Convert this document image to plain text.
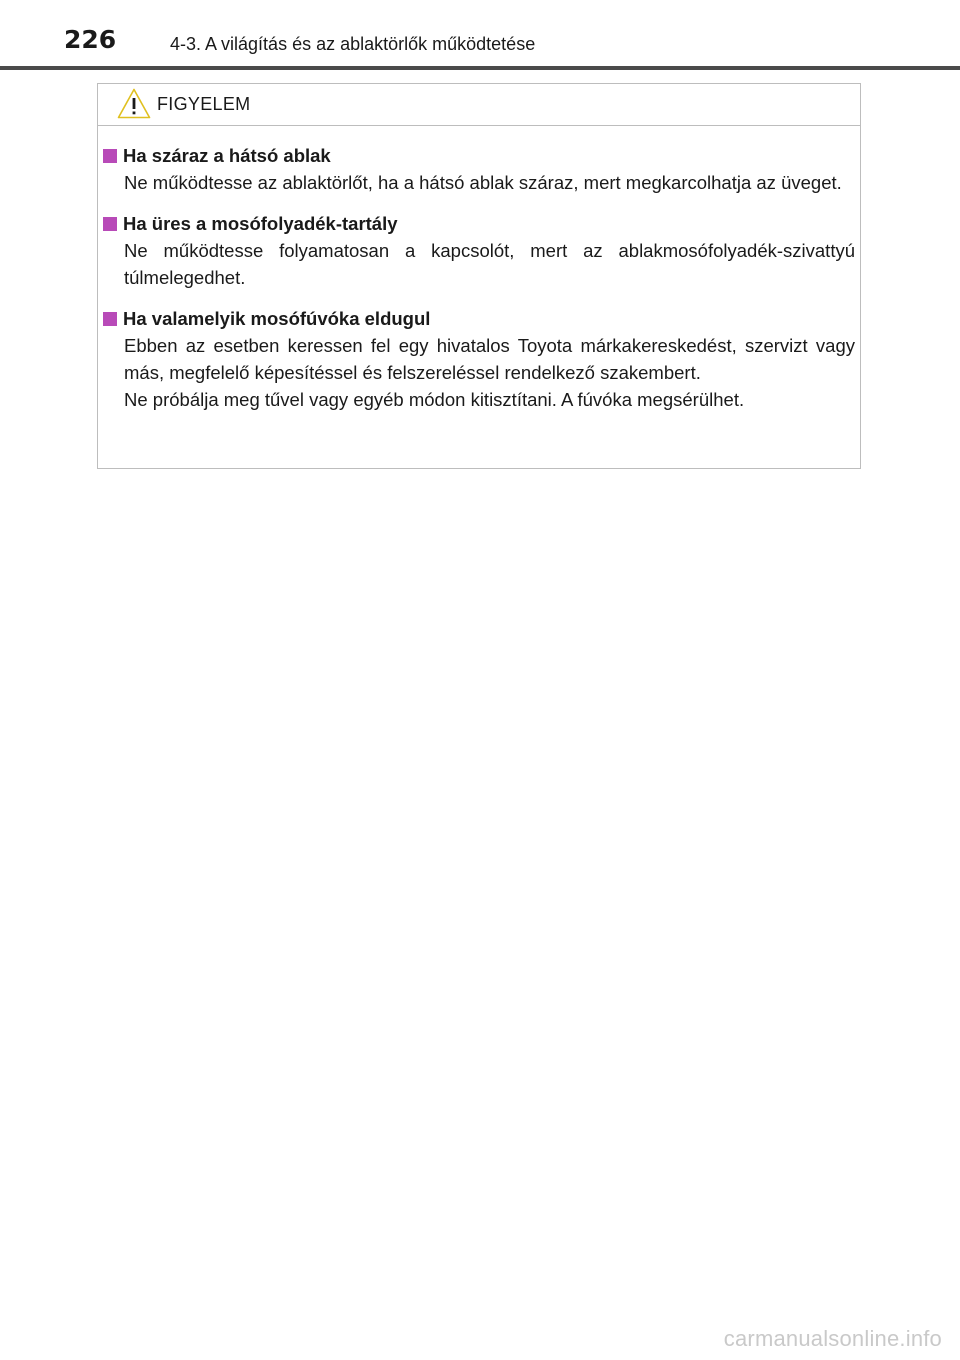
226	4-3. A világítás és az ablaktörlők működtetése
FIGYELEM
Ha száraz a hátsó ablak

Ne működtesse az ablaktörlőt, ha a hátsó ablak száraz, mert megkarcolhatja az üveget.

Ha üres a mosófolyadék-tartály

Ne működtesse folyamatosan a kapcsolót, mert az ablakmosófolyadék-szivattyú túlmelegedhet.

Ha valamelyik mosófúvóka eldugul

Ebben az esetben keressen fel egy hivatalos Toyota márkakereskedést, szervizt vagy más, megfelelő képesítéssel és felszereléssel rendelkező szakembert.

Ne próbálja meg tűvel vagy egyéb módon kitisztítani. A fúvóka megsérülhet.

carmanualsonline.info
